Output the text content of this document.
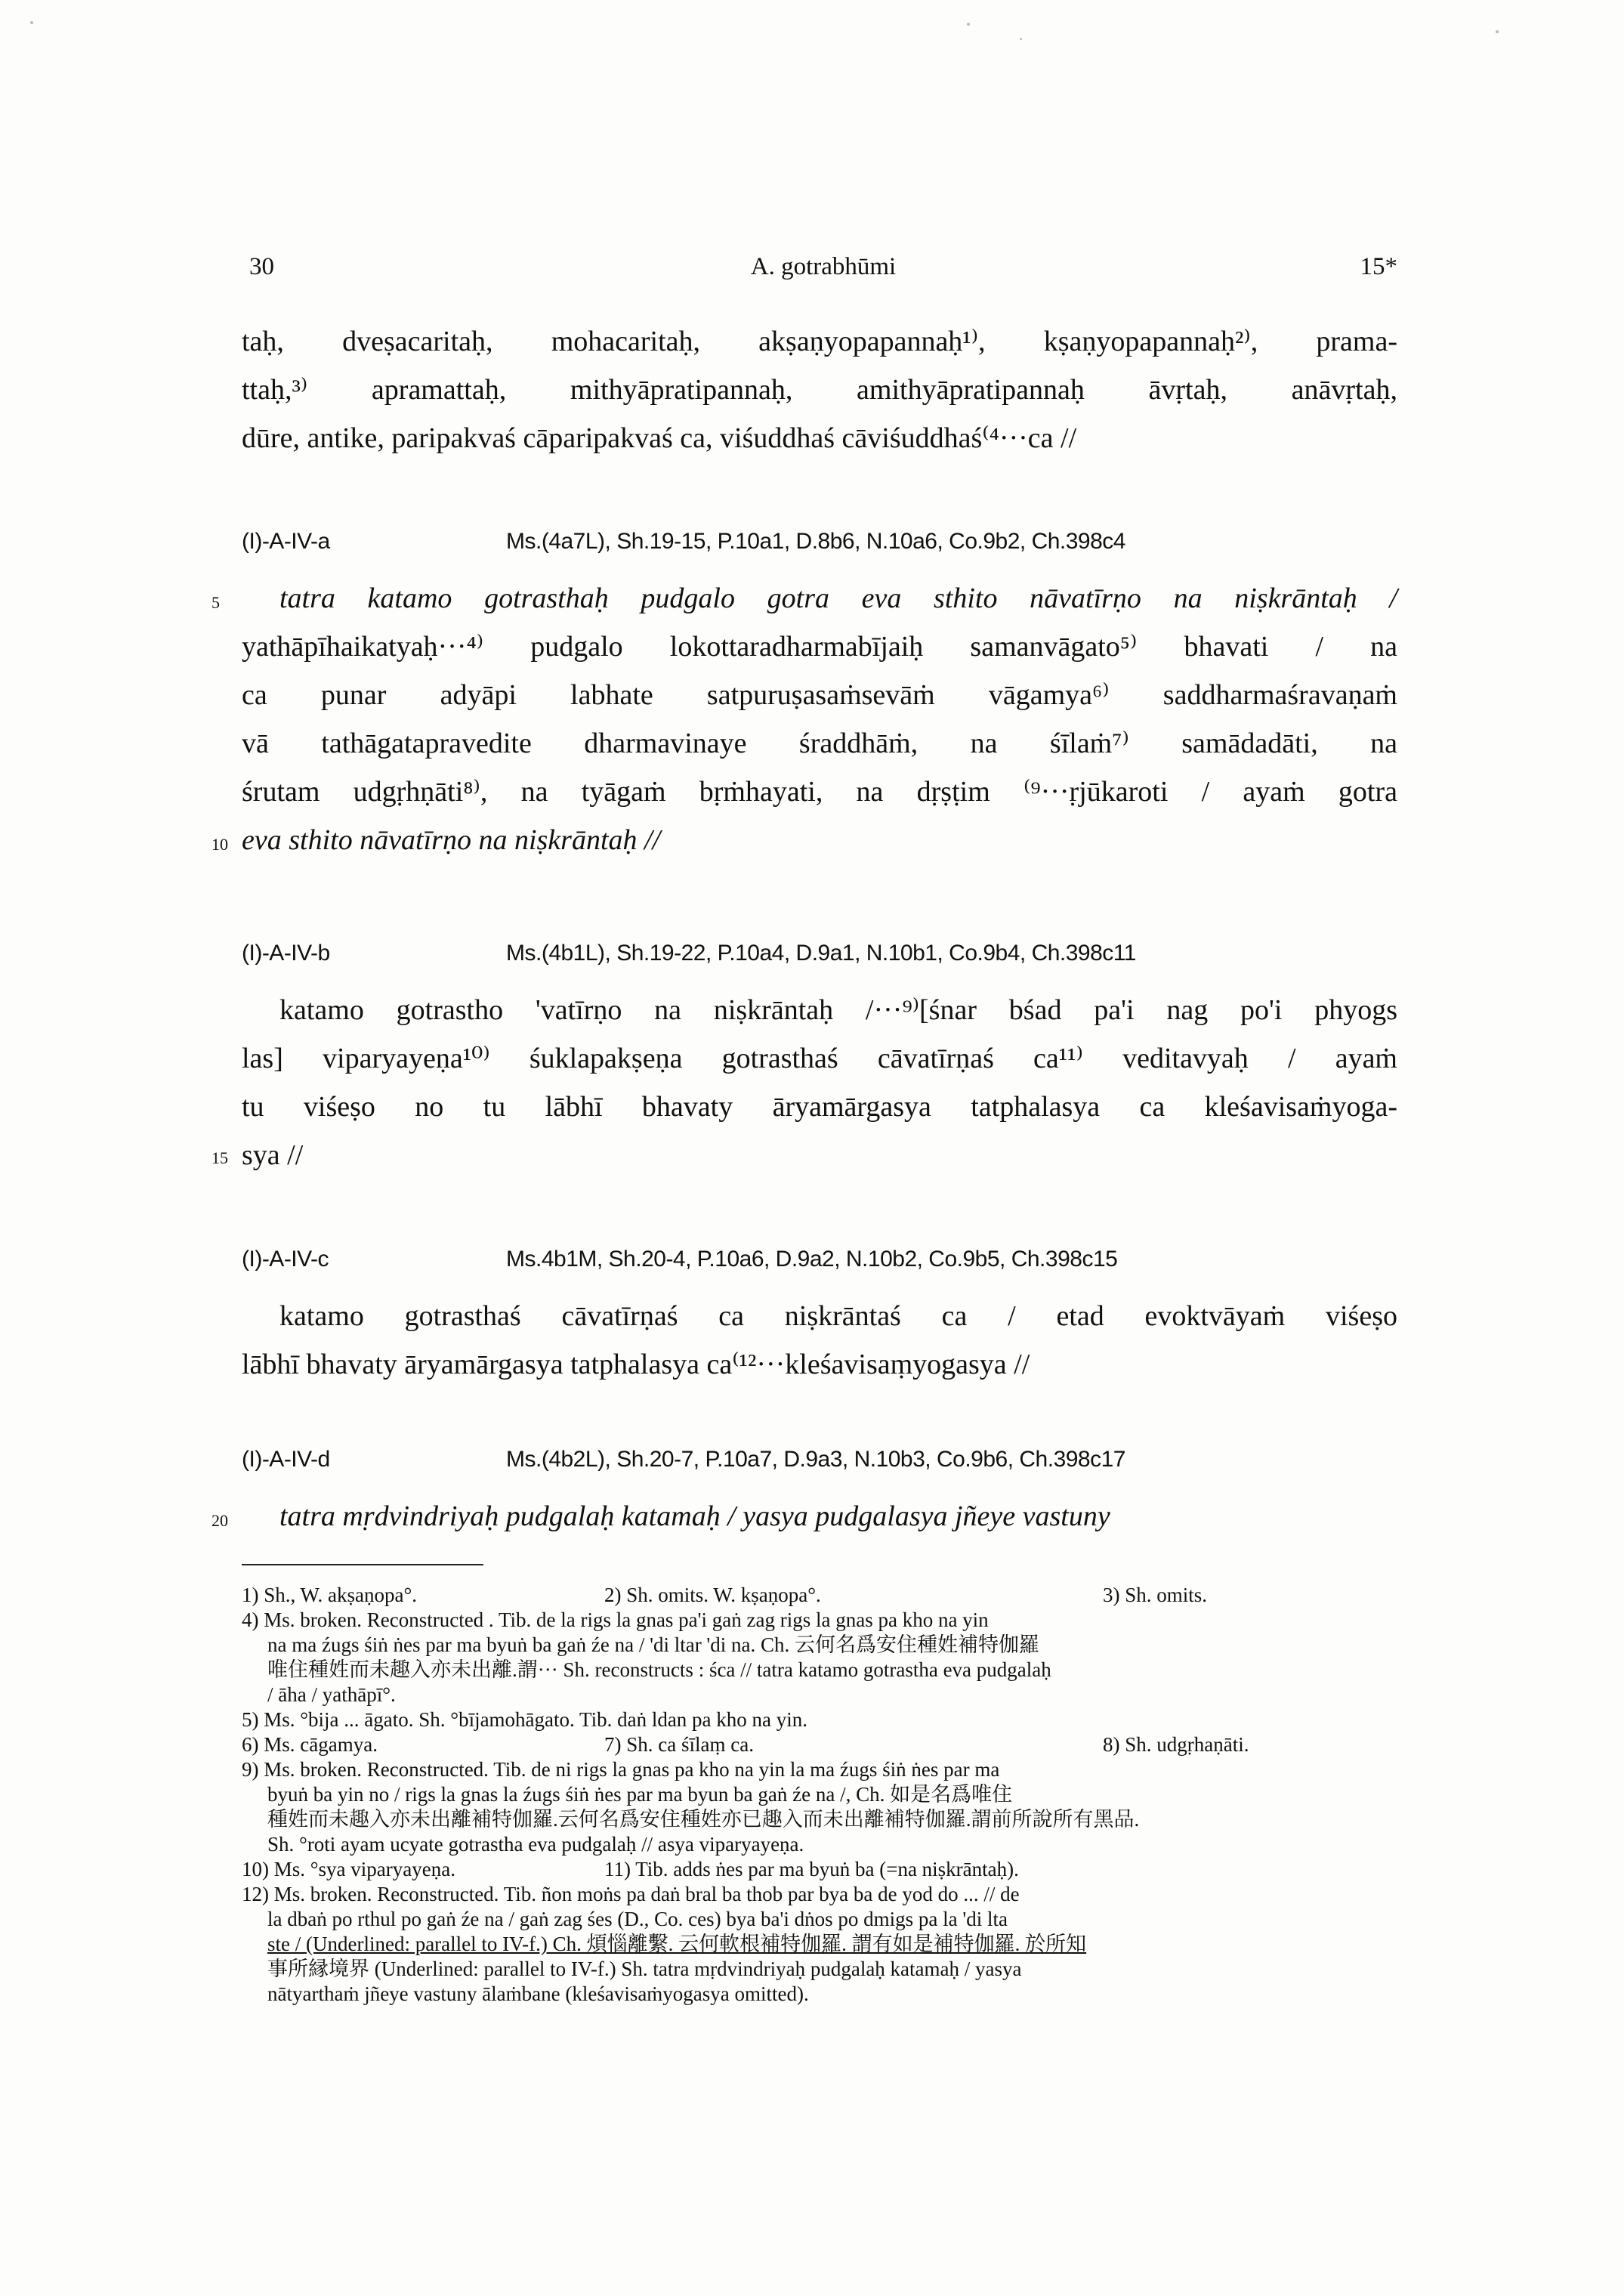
30	A. gotrabhūmi	15*

taḥ, dveṣacaritaḥ, mohacaritaḥ, akṣaṇyopapannaḥ¹⁾, kṣaṇyopapannaḥ²⁾, prama-

ttaḥ,³⁾ apramattaḥ, mithyāpratipannaḥ, amithyāpratipannaḥ āvṛtaḥ, anāvṛtaḥ,

dūre, antike, paripakvaś cāparipakvaś ca, viśuddhaś cāviśuddhaś⁽⁴···ca //

(I)-A-IV-a	Ms.(4a7L), Sh.19-15, P.10a1, D.8b6, N.10a6, Co.9b2, Ch.398c4

tatra katamo gotrasthaḥ pudgalo gotra eva sthito nāvatīrṇo na niṣkrāntaḥ /

yathāpīhaikatyaḥ···⁴⁾ pudgalo lokottaradharmabījaiḥ samanvāgato⁵⁾ bhavati / na

ca punar adyāpi labhate satpuruṣasaṁsevāṁ vāgamya⁶⁾ saddharmaśravaṇaṁ

vā tathāgatapravedite dharmavinaye śraddhāṁ, na śīlaṁ⁷⁾ samādadāti, na

śrutam udgṛhṇāti⁸⁾, na tyāgaṁ bṛṁhayati, na dṛṣṭim ⁽⁹···ṛjūkaroti / ayaṁ gotra

eva sthito nāvatīrṇo na niṣkrāntaḥ //

5
10
(I)-A-IV-b	Ms.(4b1L), Sh.19-22, P.10a4, D.9a1, N.10b1, Co.9b4, Ch.398c11

katamo gotrastho 'vatīrṇo na niṣkrāntaḥ /···⁹⁾[śnar bśad pa'i nag po'i phyogs

las] viparyayeṇa¹⁰⁾ śuklapakṣeṇa gotrasthaś cāvatīrṇaś ca¹¹⁾ veditavyaḥ / ayaṁ

tu viśeṣo no tu lābhī bhavaty āryamārgasya tatphalasya ca kleśavisaṁyoga-

sya //

15
(I)-A-IV-c	Ms.4b1M, Sh.20-4, P.10a6, D.9a2, N.10b2, Co.9b5, Ch.398c15

katamo gotrasthaś cāvatīrṇaś ca niṣkrāntaś ca / etad evoktvāyaṁ viśeṣo

lābhī bhavaty āryamārgasya tatphalasya ca⁽¹²···kleśavisaṃyogasya //

(I)-A-IV-d	Ms.(4b2L), Sh.20-7, P.10a7, D.9a3, N.10b3, Co.9b6, Ch.398c17

tatra mṛdvindriyaḥ pudgalaḥ katamaḥ / yasya pudgalasya jñeye vastuny

20
1) Sh., W. akṣaṇopa°.	2) Sh. omits. W. kṣaṇopa°.	3) Sh. omits.
4) Ms. broken. Reconstructed . Tib. de la rigs la gnas pa'i gaṅ zag rigs la gnas pa kho na yin
na ma źugs śiṅ ṅes par ma byuṅ ba gaṅ źe na / 'di ltar 'di na. Ch. 云何名爲安住種姓補特伽羅
唯住種姓而未趣入亦未出離.謂··· Sh. reconstructs : śca // tatra katamo gotrastha eva pudgalaḥ
/ āha / yathāpī°.
5) Ms. °bija ... āgato. Sh. °bījamohāgato. Tib. daṅ ldan pa kho na yin.
6) Ms. cāgamya.	7) Sh. ca śīlaṃ ca.	8) Sh. udgṛhaṇāti.
9) Ms. broken. Reconstructed. Tib. de ni rigs la gnas pa kho na yin la ma źugs śiṅ ṅes par ma
byuṅ ba yin no / rigs la gnas la źugs śiṅ ṅes par ma byun ba gaṅ źe na /, Ch. 如是名爲唯住
種姓而未趣入亦未出離補特伽羅.云何名爲安住種姓亦已趣入而未出離補特伽羅.謂前所說所有黑品.
Sh. °roti ayam ucyate gotrastha eva pudgalaḥ // asya viparyayeṇa.
10) Ms. °sya viparyayeṇa.	11) Tib. adds ṅes par ma byuṅ ba (=na niṣkrāntaḥ).
12) Ms. broken. Reconstructed. Tib. ñon moṅs pa daṅ bral ba thob par bya ba de yod do ... // de
la dbaṅ po rthul po gaṅ źe na / gaṅ zag śes (D., Co. ces) bya ba'i dṅos po dmigs pa la 'di lta
ste / (Underlined: parallel to IV-f.) Ch. 煩惱離繫. 云何軟根補特伽羅. 謂有如是補特伽羅. 於所知
事所縁境界 (Underlined: parallel to IV-f.) Sh. tatra mṛdvindriyaḥ pudgalaḥ katamaḥ / yasya
nātyarthaṁ jñeye vastuny ālaṁbane (kleśavisaṁyogasya omitted).
